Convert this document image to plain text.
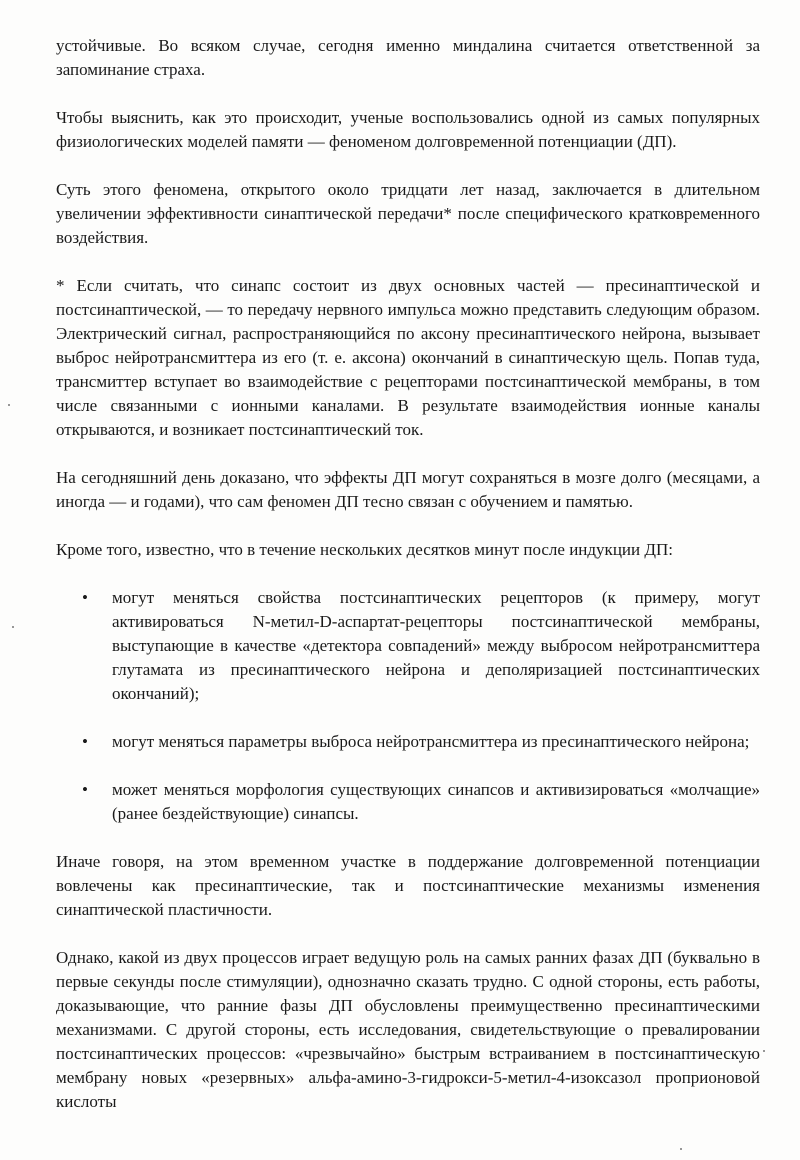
устойчивые. Во всяком случае, сегодня именно миндалина считается ответственной за запоминание страха.

Чтобы выяснить, как это происходит, ученые воспользовались одной из самых популярных физиологических моделей памяти — феноменом долговременной потенциации (ДП).

Суть этого феномена, открытого около тридцати лет назад, заключается в длительном увеличении эффективности синаптической передачи* после специфического кратковременного воздействия.

* Если считать, что синапс состоит из двух основных частей — пресинаптической и постсинаптической, — то передачу нервного импульса можно представить следующим образом. Электрический сигнал, распространяющийся по аксону пресинаптического нейрона, вызывает выброс нейротрансмиттера из его (т. е. аксона) окончаний в синаптическую щель. Попав туда, трансмиттер вступает во взаимодействие с рецепторами постсинаптической мембраны, в том числе связанными с ионными каналами. В результате взаимодействия ионные каналы открываются, и возникает постсинаптический ток.

На сегодняшний день доказано, что эффекты ДП могут сохраняться в мозге долго (месяцами, а иногда — и годами), что сам феномен ДП тесно связан с обучением и памятью.

Кроме того, известно, что в течение нескольких десятков минут после индукции ДП:

• могут меняться свойства постсинаптических рецепторов (к примеру, могут активироваться N-метил-D-аспартат-рецепторы постсинаптической мембраны, выступающие в качестве «детектора совпадений» между выбросом нейротрансмиттера глутамата из пресинаптического нейрона и деполяризацией постсинаптических окончаний);
• могут меняться параметры выброса нейротрансмиттера из пресинаптического нейрона;
• может меняться морфология существующих синапсов и активизироваться «молчащие» (ранее бездействующие) синапсы.

Иначе говоря, на этом временном участке в поддержание долговременной потенциации вовлечены как пресинаптические, так и постсинаптические механизмы изменения синаптической пластичности.

Однако, какой из двух процессов играет ведущую роль на самых ранних фазах ДП (буквально в первые секунды после стимуляции), однозначно сказать трудно. С одной стороны, есть работы, доказывающие, что ранние фазы ДП обусловлены преимущественно пресинаптическими механизмами. С другой стороны, есть исследования, свидетельствующие о превалировании постсинаптических процессов: «чрезвычайно» быстрым встраиванием в постсинаптическую мембрану новых «резервных» альфа-амино-3-гидрокси-5-метил-4-изоксазол проприоновой кислоты
